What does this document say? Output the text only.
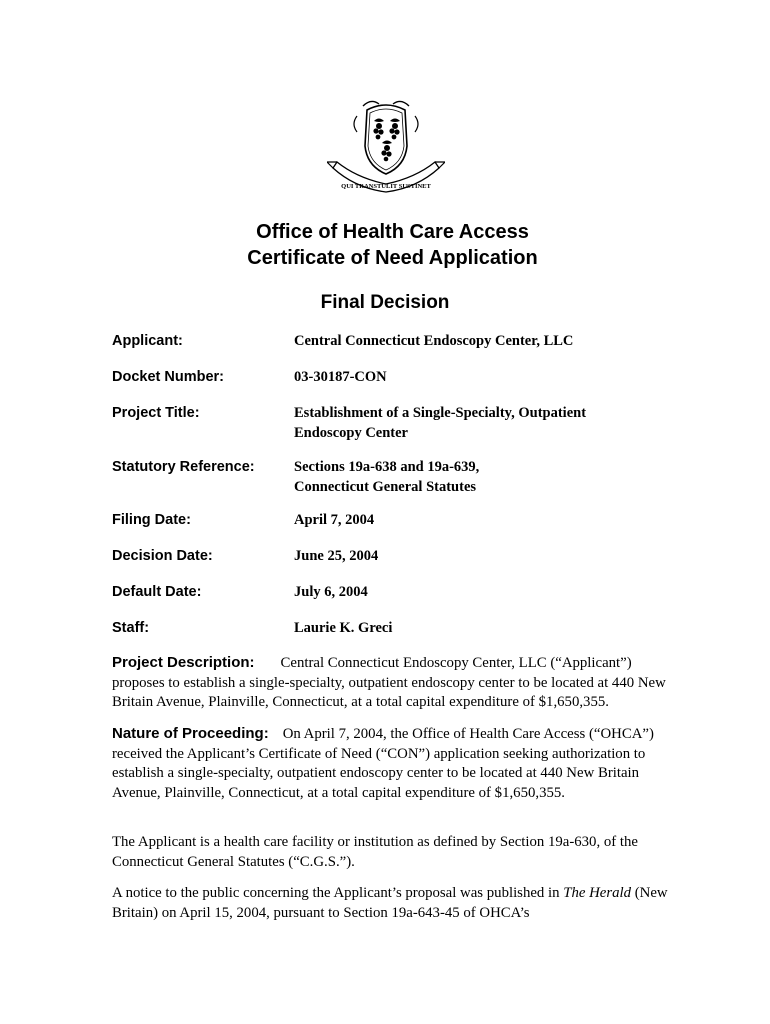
QUI TRANSTULIT SUSTINET
Office of Health Care Access
Certificate of Need Application
Final Decision
Applicant:	Central Connecticut Endoscopy Center, LLC
Docket Number:	03-30187-CON
Project Title:	Establishment of a Single-Specialty, Outpatient
Endoscopy Center
Statutory Reference:	Sections 19a-638 and 19a-639,
Connecticut General Statutes
Filing Date:	April 7, 2004
Decision Date:	June 25, 2004
Default Date:	July 6, 2004
Staff:	Laurie K. Greci
Project Description: Central Connecticut Endoscopy Center, LLC (“Applicant”) proposes to establish a single-specialty, outpatient endoscopy center to be located at 440 New Britain Avenue, Plainville, Connecticut, at a total capital expenditure of $1,650,355.
Nature of Proceeding: On April 7, 2004, the Office of Health Care Access (“OHCA”) received the Applicant’s Certificate of Need (“CON”) application seeking authorization to establish a single-specialty, outpatient endoscopy center to be located at 440 New Britain Avenue, Plainville, Connecticut, at a total capital expenditure of $1,650,355.
The Applicant is a health care facility or institution as defined by Section 19a-630, of the Connecticut General Statutes (“C.G.S.”).
A notice to the public concerning the Applicant’s proposal was published in The Herald (New Britain) on April 15, 2004, pursuant to Section 19a-643-45 of OHCA’s
